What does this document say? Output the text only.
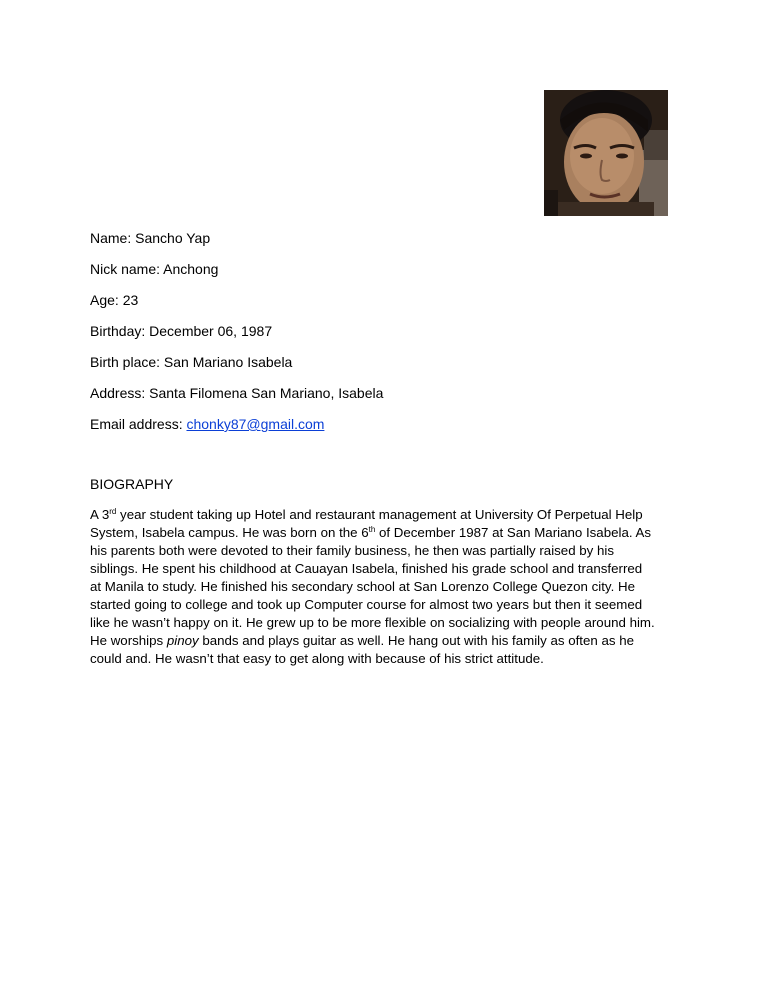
Name: Sancho Yap
Nick name: Anchong
Age: 23
Birthday: December 06, 1987
Birth place: San Mariano Isabela
Address: Santa Filomena San Mariano, Isabela
Email address: chonky87@gmail.com
BIOGRAPHY
A 3rd year student taking up Hotel and restaurant management at University Of Perpetual Help
System, Isabela campus. He was born on the 6th of December 1987 at San Mariano Isabela. As
his parents both were devoted to their family business, he then was partially raised by his
siblings. He spent his childhood at Cauayan Isabela, finished his grade school and transferred
at Manila to study. He finished his secondary school at San Lorenzo College Quezon city. He
started going to college and took up Computer course for almost two years but then it seemed
like he wasn’t happy on it. He grew up to be more flexible on socializing with people around him.
He worships pinoy bands and plays guitar as well. He hang out with his family as often as he
could and. He wasn’t that easy to get along with because of his strict attitude.
